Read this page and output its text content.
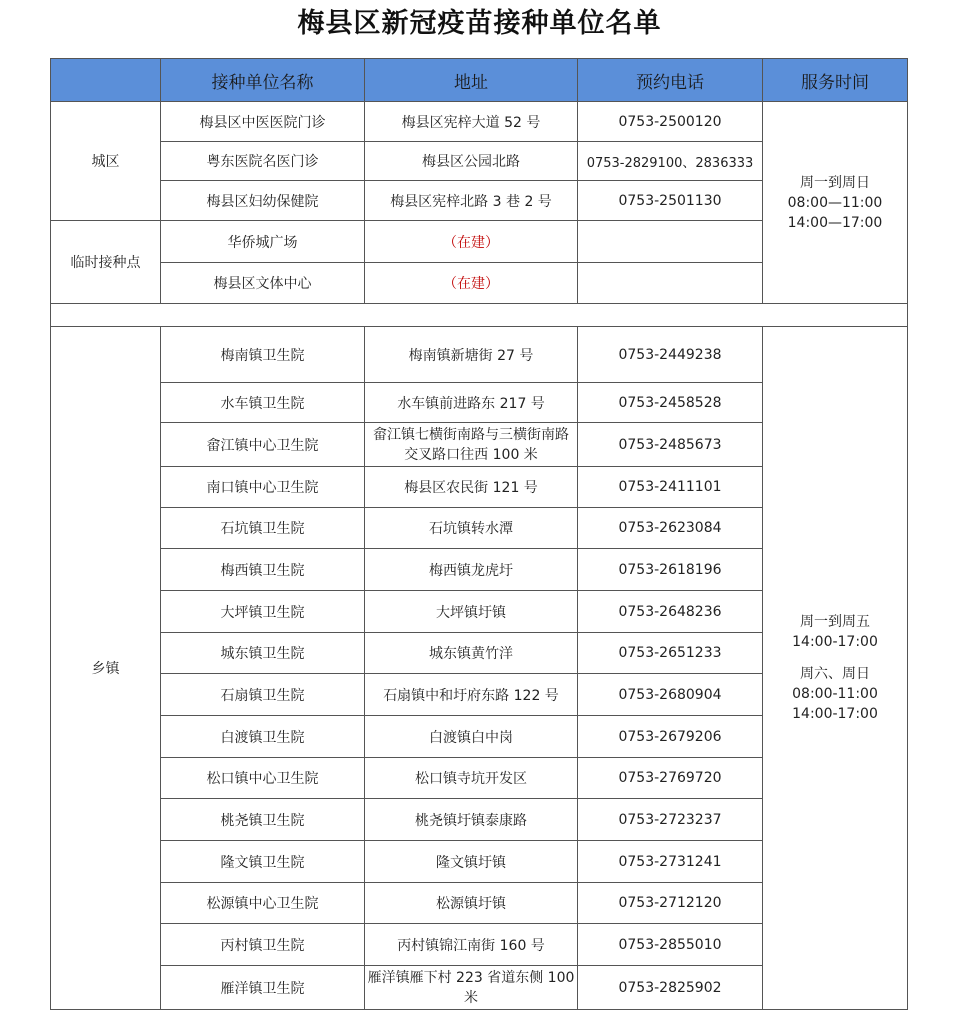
梅县区新冠疫苗接种单位名单
	接种单位名称	地址	预约电话	服务时间
城区	梅县区中医医院门诊	梅县区宪梓大道 52 号	0753-2500120	周一到周日
08:00—11:00
14:00—17:00

	粤东医院名医门诊	梅县区公园北路	0753-2829100、2836333	
	梅县区妇幼保健院	梅县区宪梓北路 3 巷 2 号	0753-2501130	
临时接种点	华侨城广场	（在建）		
	梅县区文体中心	（在建）		

乡镇	梅南镇卫生院	梅南镇新塘街 27 号	0753-2449238	周一到周五
14:00-17:00
周六、周日
08:00-11:00
14:00-17:00

	水车镇卫生院	水车镇前进路东 217 号	0753-2458528	
	畲江镇中心卫生院	畲江镇七横街南路与三横街南路交叉路口往西 100 米	0753-2485673	
	南口镇中心卫生院	梅县区农民街 121 号	0753-2411101	
	石坑镇卫生院	石坑镇转水潭	0753-2623084	
	梅西镇卫生院	梅西镇龙虎圩	0753-2618196	
	大坪镇卫生院	大坪镇圩镇	0753-2648236	
	城东镇卫生院	城东镇黄竹洋	0753-2651233	
	石扇镇卫生院	石扇镇中和圩府东路 122 号	0753-2680904	
	白渡镇卫生院	白渡镇白中岗	0753-2679206	
	松口镇中心卫生院	松口镇寺坑开发区	0753-2769720	
	桃尧镇卫生院	桃尧镇圩镇泰康路	0753-2723237	
	隆文镇卫生院	隆文镇圩镇	0753-2731241	
	松源镇中心卫生院	松源镇圩镇	0753-2712120	
	丙村镇卫生院	丙村镇锦江南街 160 号	0753-2855010	
	雁洋镇卫生院	雁洋镇雁下村 223 省道东侧 100 米	0753-2825902	
